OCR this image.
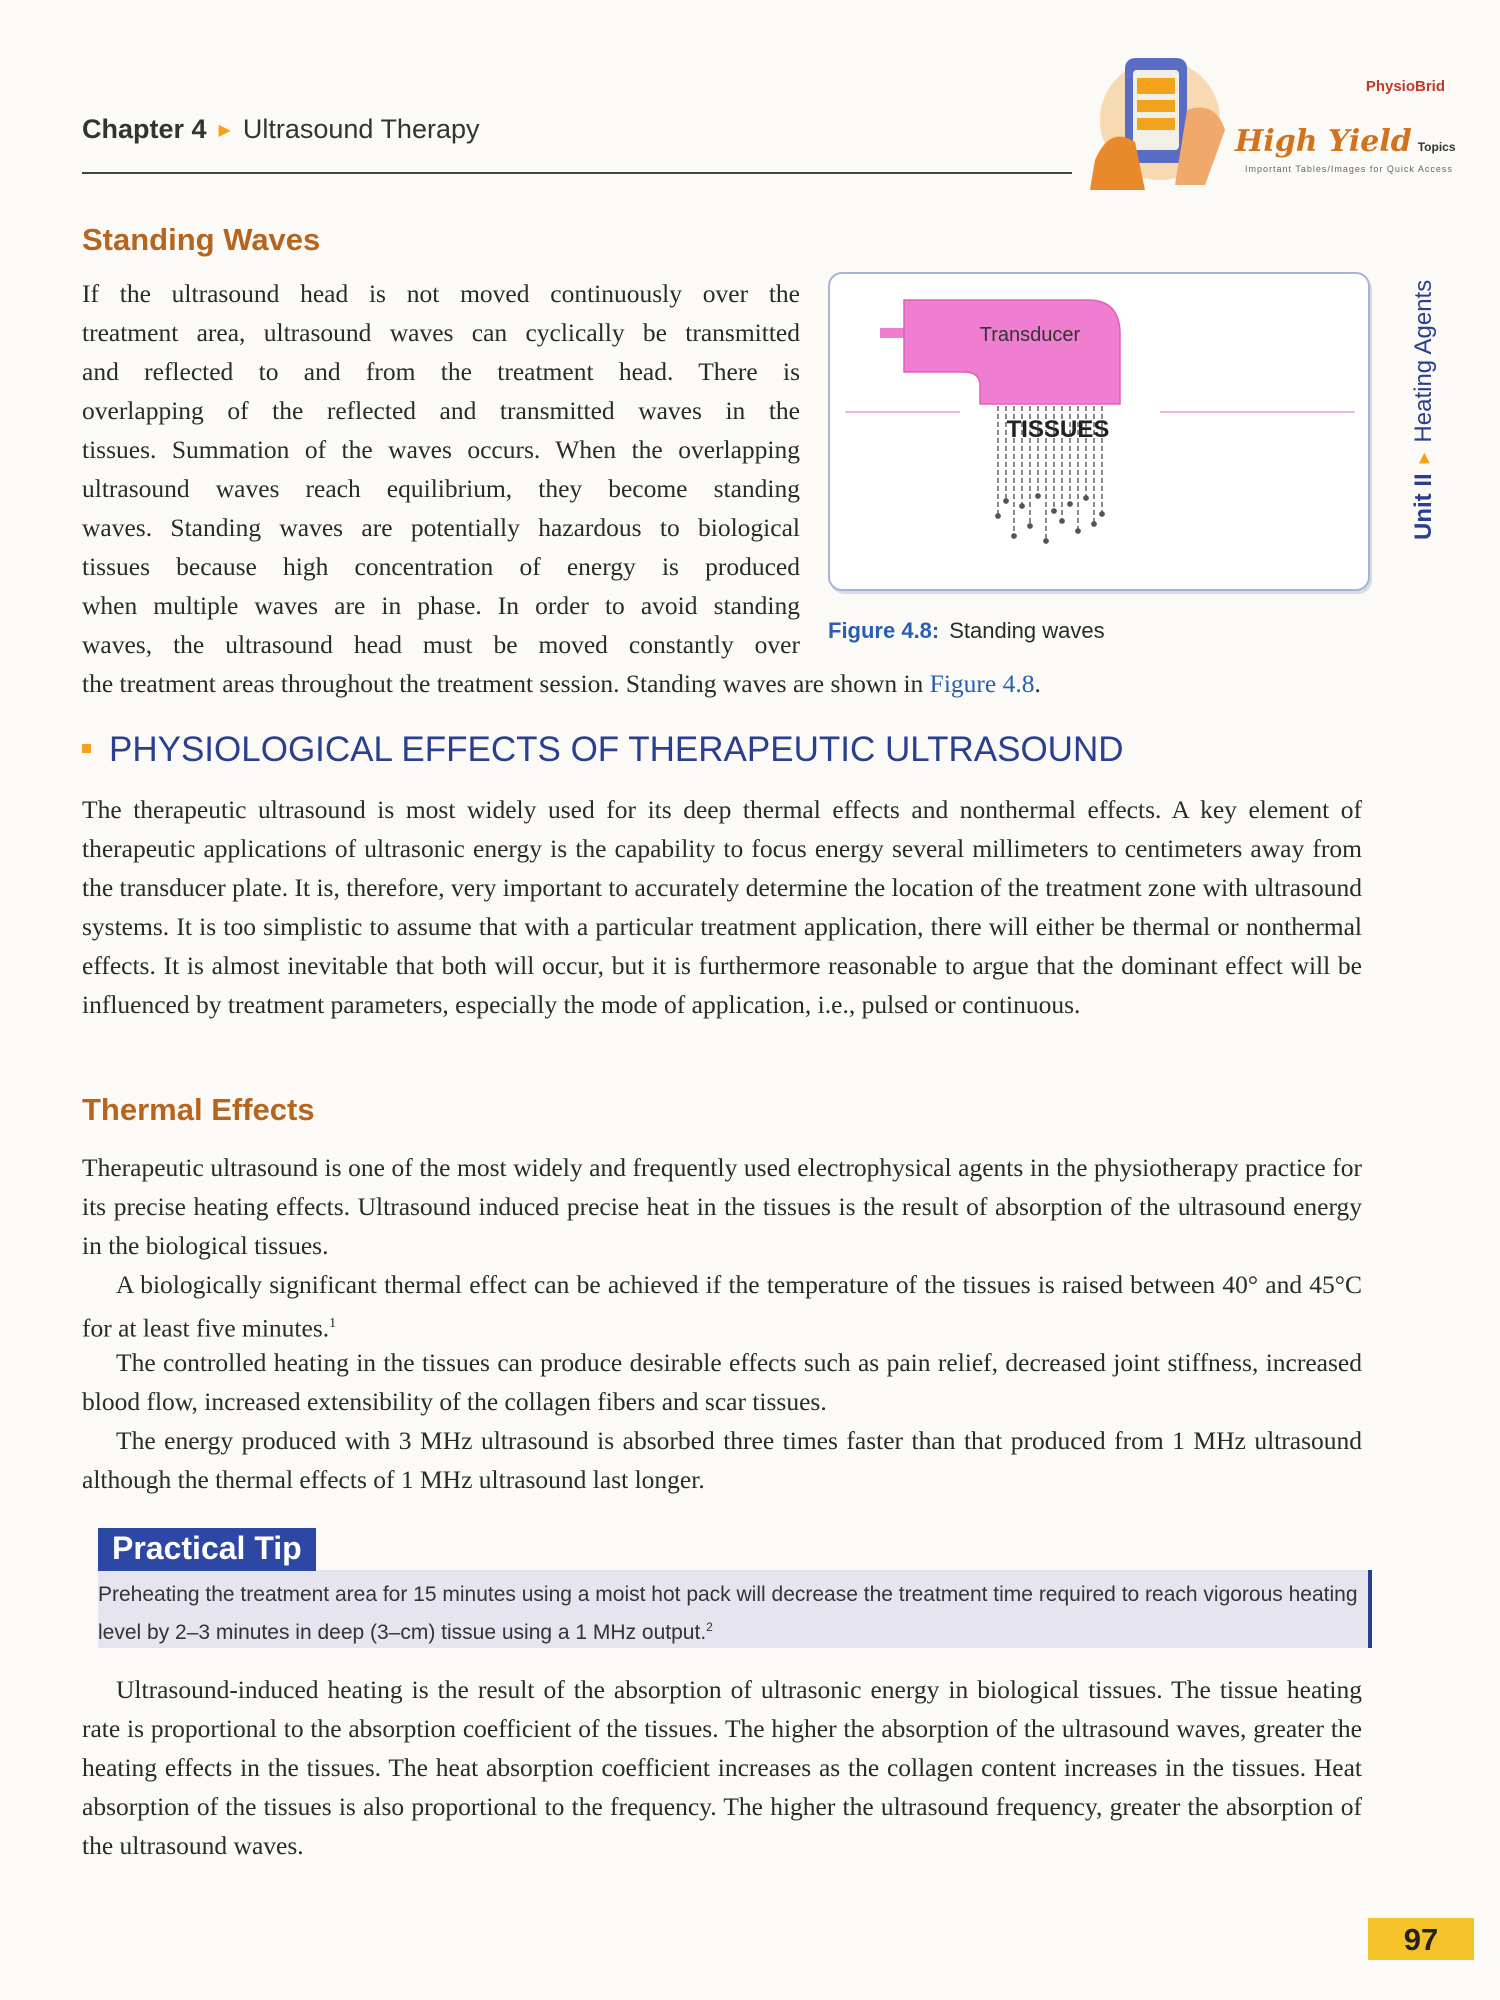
Chapter 4 ▶ Ultrasound Therapy
PhysioBrid
High Yield Topics
Important Tables/Images for Quick Access
Unit II▶Heating Agents
Standing Waves
If the ultrasound head is not moved continuously over the
treatment area, ultrasound waves can cyclically be transmitted
and reflected to and from the treatment head. There is
overlapping of the reflected and transmitted waves in the
tissues. Summation of the waves occurs. When the overlapping
ultrasound waves reach equilibrium, they become standing
waves. Standing waves are potentially hazardous to biological
tissues because high concentration of energy is produced
when multiple waves are in phase. In order to avoid standing
waves, the ultrasound head must be moved constantly over
the treatment areas throughout the treatment session. Standing waves are shown in Figure 4.8.
Transducer
TISSUES
Figure 4.8: Standing waves
PHYSIOLOGICAL EFFECTS OF THERAPEUTIC ULTRASOUND

The therapeutic ultrasound is most widely used for its deep thermal effects and nonthermal effects. A key element of therapeutic applications of ultrasonic energy is the capability to focus energy several millimeters to centimeters away from the transducer plate. It is, therefore, very important to accurately determine the location of the treatment zone with ultrasound systems. It is too simplistic to assume that with a particular treatment application, there will either be thermal or nonthermal effects. It is almost inevitable that both will occur, but it is furthermore reasonable to argue that the dominant effect will be influenced by treatment parameters, especially the mode of application, i.e., pulsed or continuous.

Thermal Effects

Therapeutic ultrasound is one of the most widely and frequently used electrophysical agents in the physiotherapy practice for its precise heating effects. Ultrasound induced precise heat in the tissues is the result of absorption of the ultrasound energy in the biological tissues.

A biologically significant thermal effect can be achieved if the temperature of the tissues is raised between 40° and 45°C for at least five minutes.$^1$

The controlled heating in the tissues can produce desirable effects such as pain relief, decreased joint stiffness, increased blood flow, increased extensibility of the collagen fibers and scar tissues.

The energy produced with 3 MHz ultrasound is absorbed three times faster than that produced from 1 MHz ultrasound although the thermal effects of 1 MHz ultrasound last longer.

Preheating the treatment area for 15 minutes using a moist hot pack will decrease the treatment time required to reach vigorous heating level by 2–3 minutes in deep (3–cm) tissue using a 1 MHz output.$^2$
Practical Tip

Ultrasound-induced heating is the result of the absorption of ultrasonic energy in biological tissues. The tissue heating rate is proportional to the absorption coefficient of the tissues. The higher the absorption of the ultrasound waves, greater the heating effects in the tissues. The heat absorption coefficient increases as the collagen content increases in the tissues. Heat absorption of the tissues is also proportional to the frequency. The higher the ultrasound frequency, greater the absorption of the ultrasound waves.

97
